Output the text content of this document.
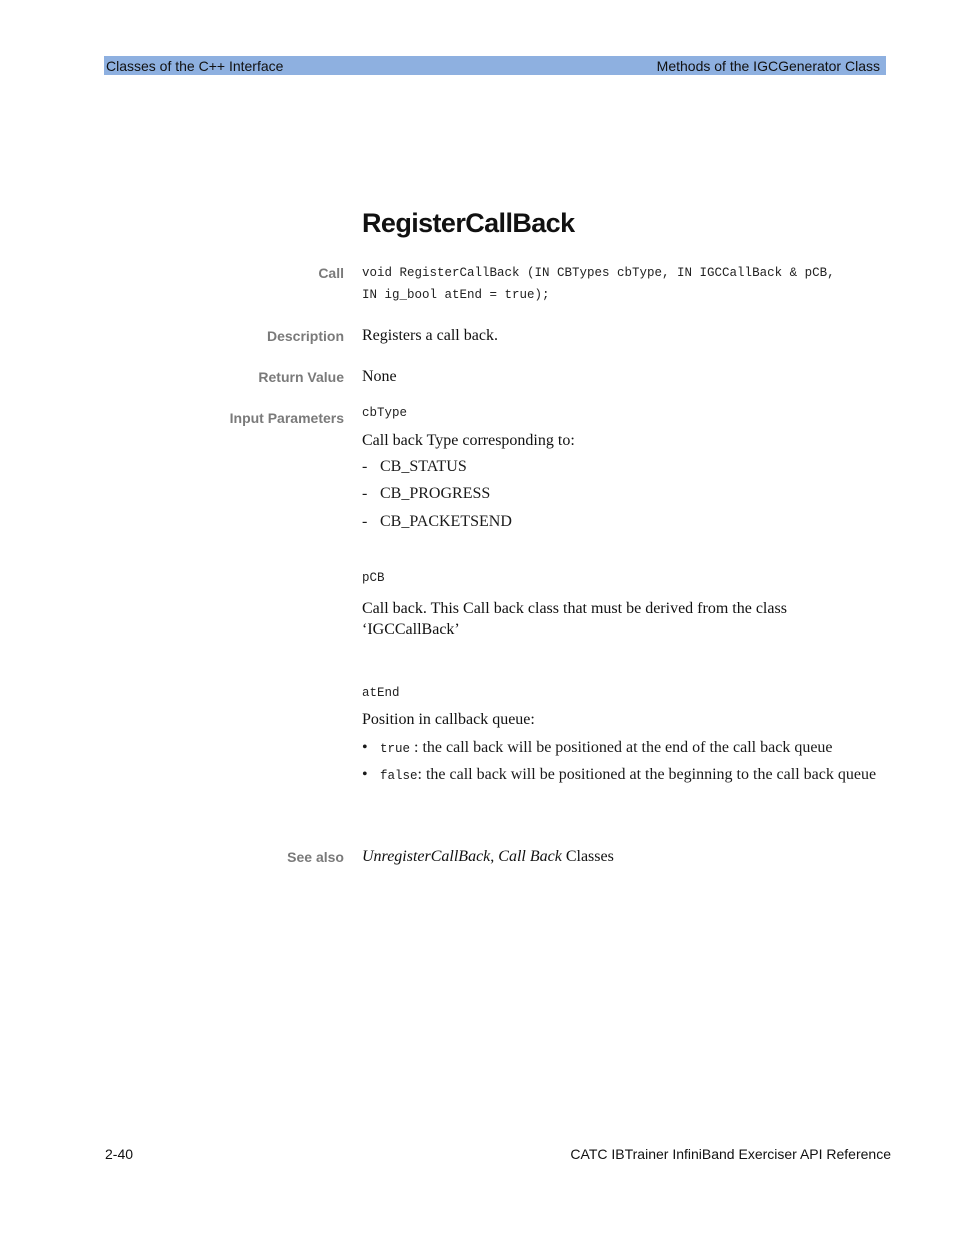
Classes of the C++ Interface	Methods of the IGCGenerator Class
RegisterCallBack
Call void RegisterCallBack (IN CBTypes cbType, IN IGCCallBack & pCB,
IN ig_bool atEnd = true);
Description Registers a call back.
Return Value None
Input Parameters cbType
Call back Type corresponding to:
- CB_STATUS
- CB_PROGRESS
- CB_PACKETSEND
pCB
Call back. This Call back class that must be derived from the class
‘IGCCallBack’
atEnd
Position in callback queue:
• true : the call back will be positioned at the end of the call back queue
• false: the call back will be positioned at the beginning to the call back queue
See also UnregisterCallBack, Call Back Classes
2-40	CATC IBTrainer InfiniBand Exerciser API Reference
